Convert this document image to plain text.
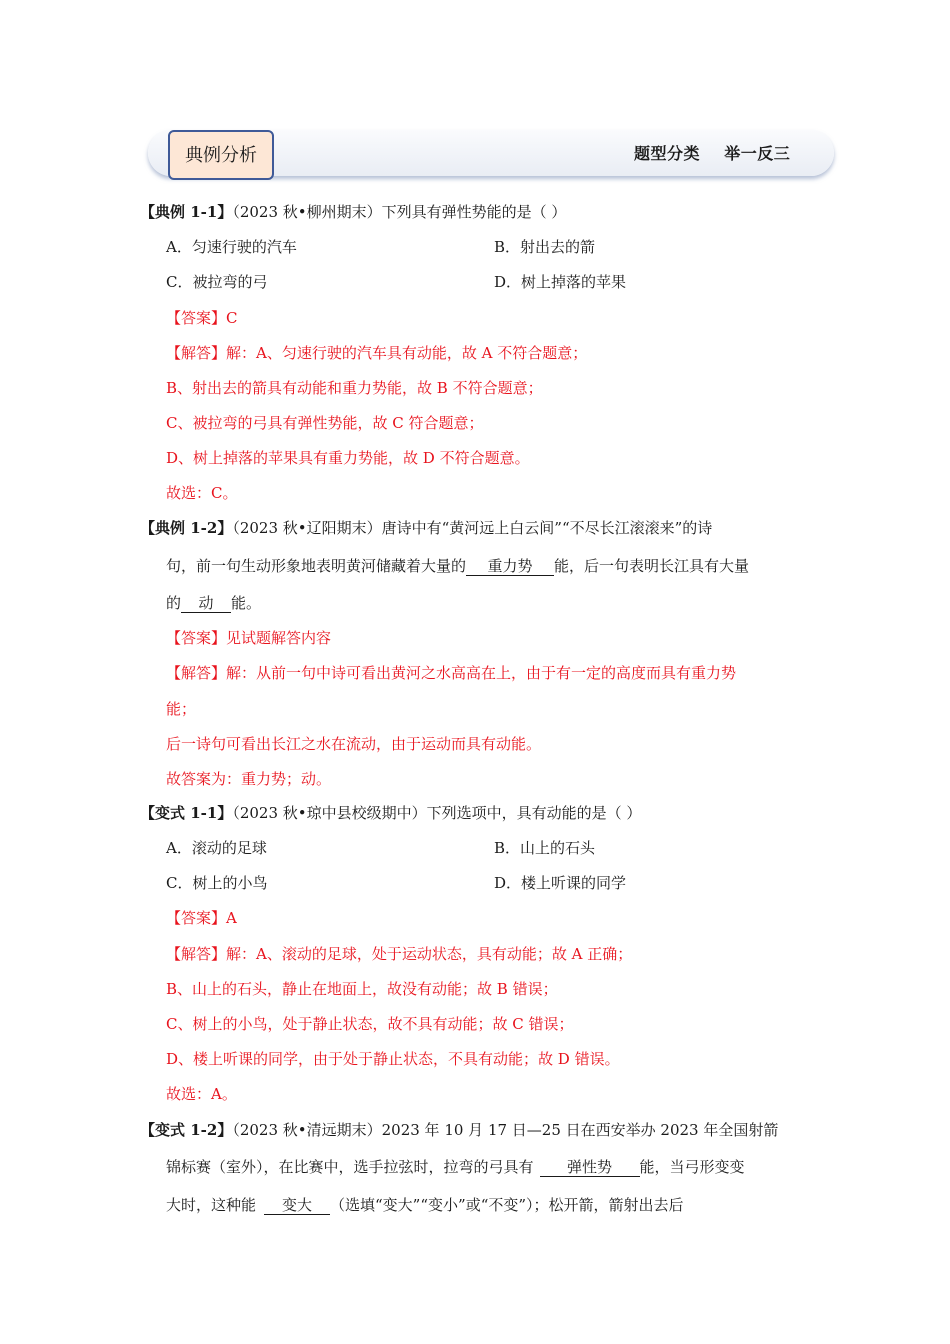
典例分析	题型分类    举一反三
【典例 1-1】（2023 秋•柳州期末）下列具有弹性势能的是（ ）
A．匀速行驶的汽车	B．射出去的箭
C．被拉弯的弓	D．树上掉落的苹果
【答案】C
【解答】解：A、匀速行驶的汽车具有动能，故 A 不符合题意；
B、射出去的箭具有动能和重力势能，故 B 不符合题意；
C、被拉弯的弓具有弹性势能，故 C 符合题意；
D、树上掉落的苹果具有重力势能，故 D 不符合题意。
故选：C。
【典例 1-2】（2023 秋•辽阳期末）唐诗中有“黄河远上白云间”“不尽长江滚滚来”的诗
句，前一句生动形象地表明黄河储藏着大量的 重力势 能，后一句表明长江具有大量
的 动 能。
【答案】见试题解答内容
【解答】解：从前一句中诗可看出黄河之水高高在上，由于有一定的高度而具有重力势
能；
后一诗句可看出长江之水在流动，由于运动而具有动能。
故答案为：重力势；动。
【变式 1-1】（2023 秋•琼中县校级期中）下列选项中，具有动能的是（ ）
A．滚动的足球	B．山上的石头
C．树上的小鸟	D．楼上听课的同学
【答案】A
【解答】解：A、滚动的足球，处于运动状态，具有动能；故 A 正确；
B、山上的石头，静止在地面上，故没有动能；故 B 错误；
C、树上的小鸟，处于静止状态，故不具有动能；故 C 错误；
D、楼上听课的同学，由于处于静止状态，不具有动能；故 D 错误。
故选：A。
【变式 1-2】（2023 秋•清远期末）2023 年 10 月 17 日—25 日在西安举办 2023 年全国射箭
锦标赛（室外），在比赛中，选手拉弦时，拉弯的弓具有 弹性势 能，当弓形变变
大时，这种能 变大 （选填“变大”“变小”或“不变”）；松开箭，箭射出去后
